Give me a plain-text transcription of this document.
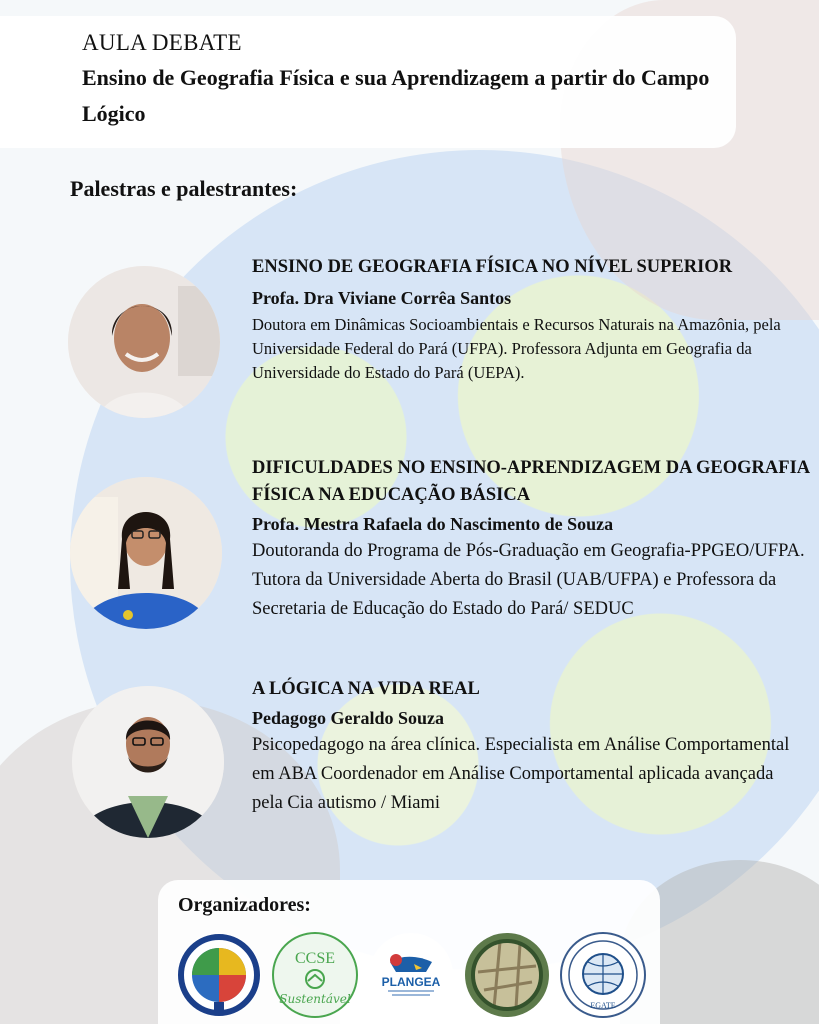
AULA DEBATE
Ensino de Geografia Física e sua Aprendizagem a partir do Campo Lógico
Palestras e palestrantes:
ENSINO DE GEOGRAFIA FÍSICA NO NÍVEL SUPERIOR
Profa. Dra Viviane Corrêa Santos
Doutora em Dinâmicas Socioambientais e Recursos Naturais na Amazônia, pela Universidade Federal do Pará (UFPA). Professora Adjunta em Geografia da Universidade do Estado do Pará (UEPA).
DIFICULDADES NO ENSINO-APRENDIZAGEM DA GEOGRAFIA FÍSICA NA EDUCAÇÃO BÁSICA
Profa. Mestra Rafaela do Nascimento de Souza
Doutoranda do Programa de Pós-Graduação em Geografia-PPGEO/UFPA. Tutora da Universidade Aberta do Brasil (UAB/UFPA) e Professora da Secretaria de Educação do Estado do Pará/ SEDUC
A LÓGICA NA VIDA REAL
Pedagogo Geraldo Souza
Psicopedagogo na área clínica. Especialista em Análise Comportamental em ABA Coordenador em Análise Comportamental aplicada avançada pela Cia autismo / Miami
Organizadores:
CCSE
Sustentável
PLANGEA
EGATE
